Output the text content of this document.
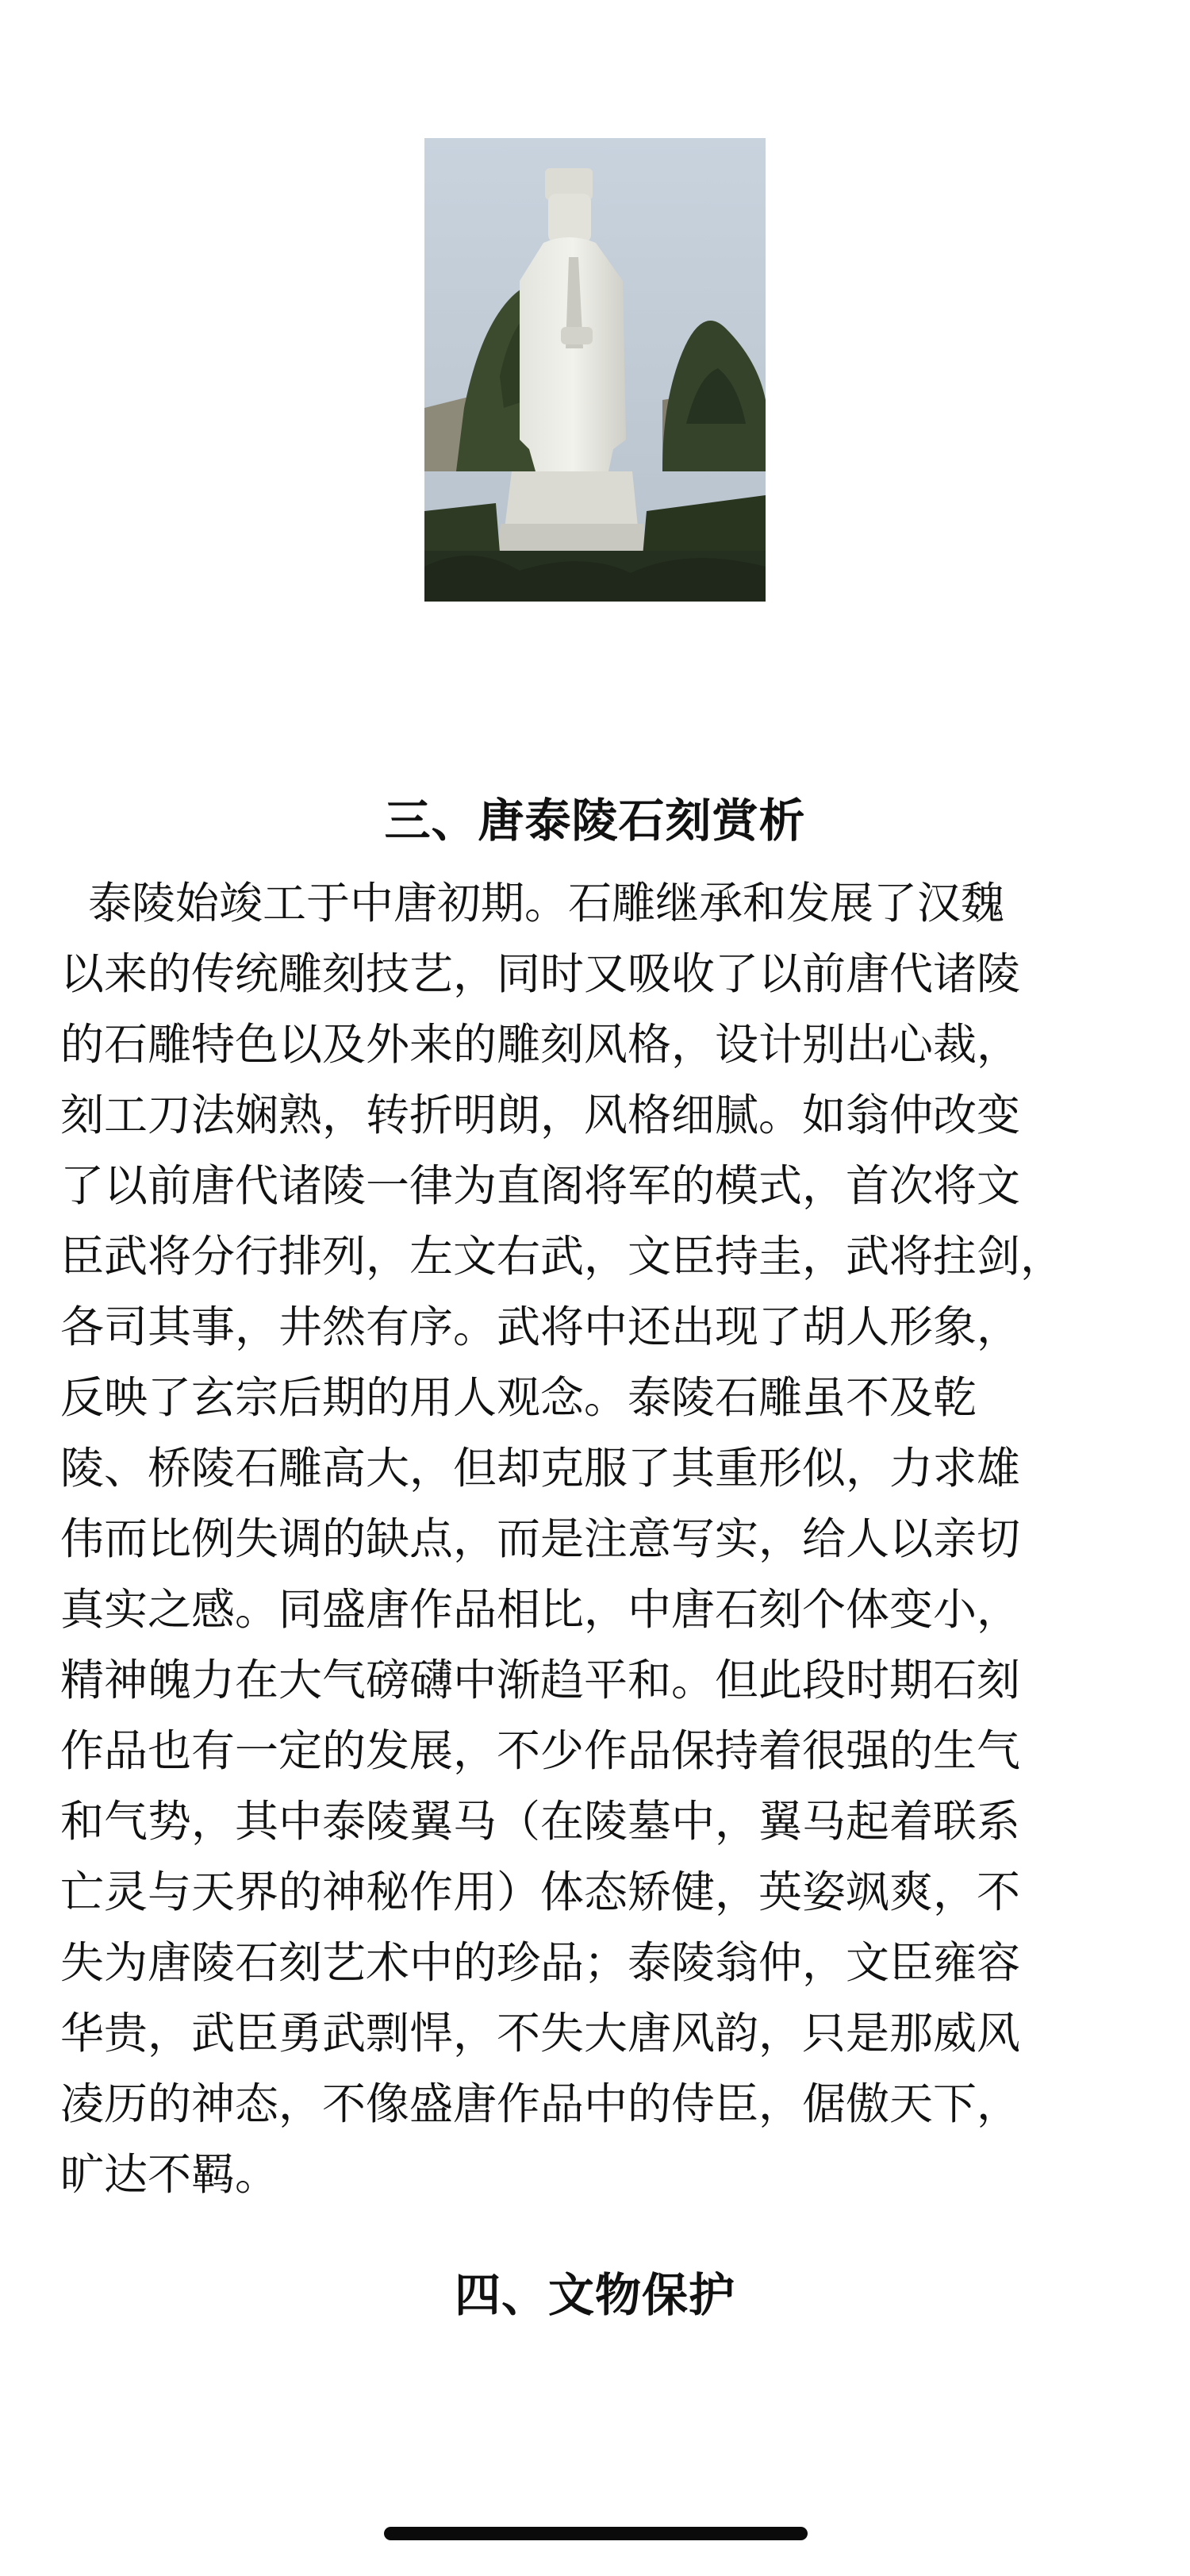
三、唐泰陵石刻赏析
泰陵始竣工于中唐初期。石雕继承和发展了汉魏
以来的传统雕刻技艺，同时又吸收了以前唐代诸陵
的石雕特色以及外来的雕刻风格，设计别出心裁，
刻工刀法娴熟，转折明朗，风格细腻。如翁仲改变
了以前唐代诸陵一律为直阁将军的模式，首次将文
臣武将分行排列，左文右武，文臣持圭，武将拄剑，
各司其事，井然有序。武将中还出现了胡人形象，
反映了玄宗后期的用人观念。泰陵石雕虽不及乾
陵、桥陵石雕高大，但却克服了其重形似，力求雄
伟而比例失调的缺点，而是注意写实，给人以亲切
真实之感。同盛唐作品相比，中唐石刻个体变小，
精神魄力在大气磅礴中渐趋平和。但此段时期石刻
作品也有一定的发展，不少作品保持着很强的生气
和气势，其中泰陵翼马（在陵墓中，翼马起着联系
亡灵与天界的神秘作用）体态矫健，英姿飒爽，不
失为唐陵石刻艺术中的珍品；泰陵翁仲，文臣雍容
华贵，武臣勇武剽悍，不失大唐风韵，只是那威风
凌历的神态，不像盛唐作品中的侍臣，倨傲天下，
旷达不羁。
四、文物保护
